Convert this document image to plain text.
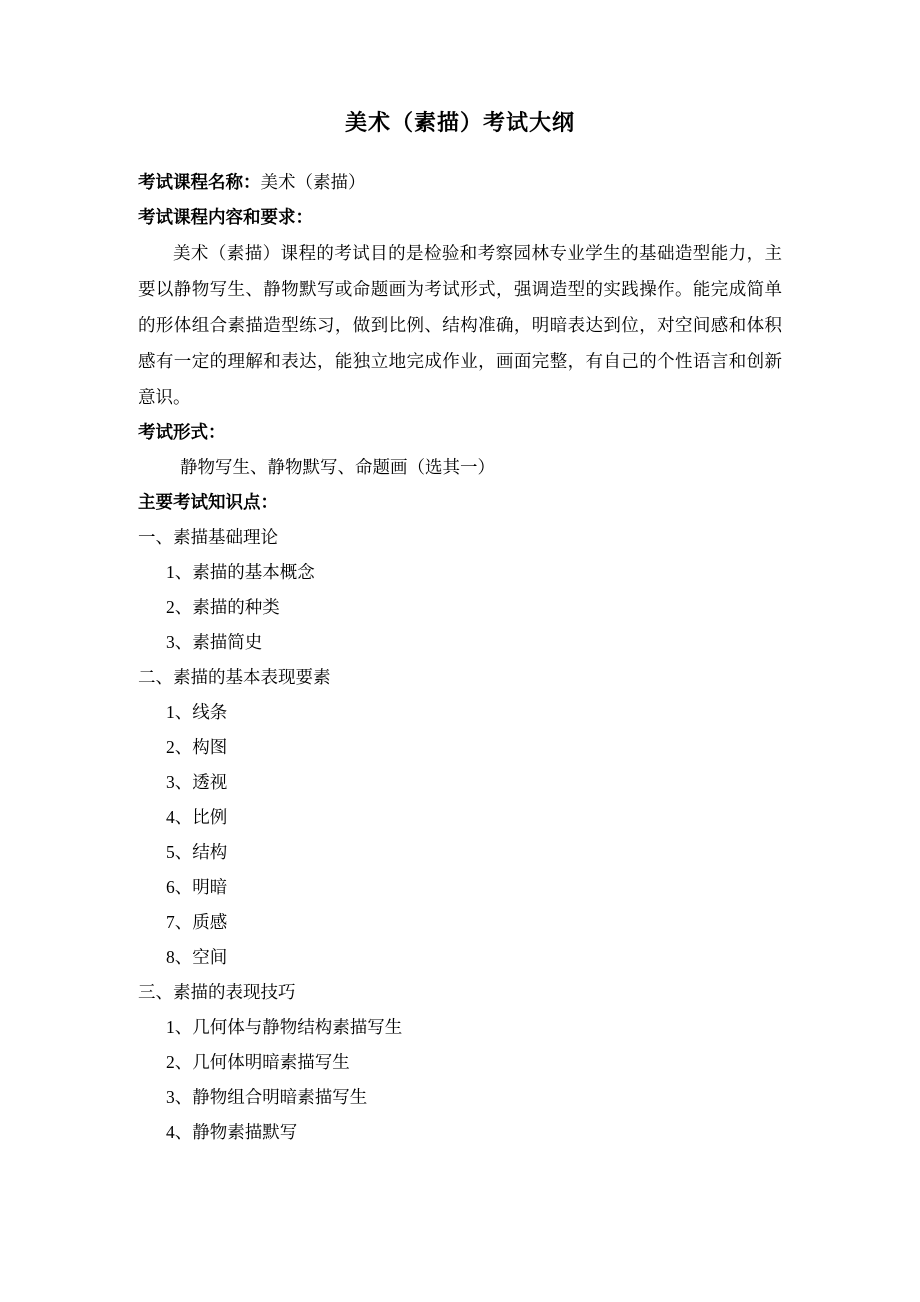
美术（素描）考试大纲

考试课程名称：美术（素描）

考试课程内容和要求：

美术（素描）课程的考试目的是检验和考察园林专业学生的基础造型能力，主要以静物写生、静物默写或命题画为考试形式，强调造型的实践操作。能完成简单的形体组合素描造型练习，做到比例、结构准确，明暗表达到位，对空间感和体积感有一定的理解和表达，能独立地完成作业，画面完整，有自己的个性语言和创新意识。

考试形式：

静物写生、静物默写、命题画（选其一）

主要考试知识点：

一、素描基础理论

1、素描的基本概念

2、素描的种类

3、素描简史

二、素描的基本表现要素

1、线条

2、构图

3、透视

4、比例

5、结构

6、明暗

7、质感

8、空间

三、素描的表现技巧

1、几何体与静物结构素描写生

2、几何体明暗素描写生

3、静物组合明暗素描写生

4、静物素描默写
